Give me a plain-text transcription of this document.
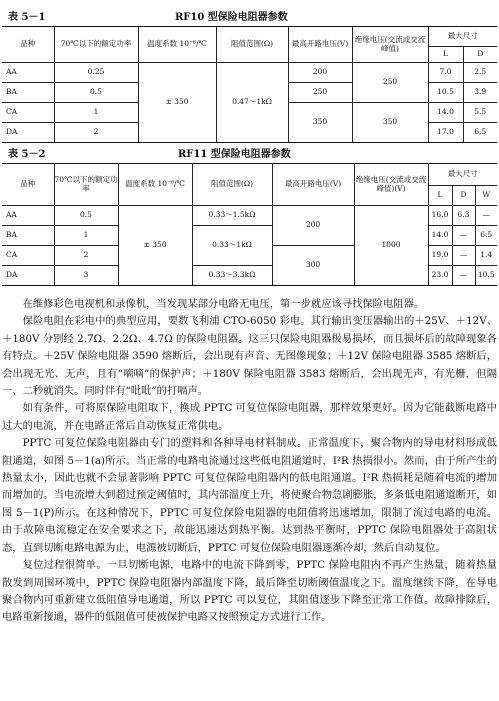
表 5－1	RF10 型保险电阻器参数
品种	70℃以下的额定功率	温度系数 10⁻⁶/℃	阻值范围(Ω)	最高开路电压(V)	绝缘电压(交流或交流峰值)	最大尺寸	
						L	D
AA	0.25	± 350	0.47～1kΩ	200	250	7.0	2.5
BA	0.5			250		10.5	3.9
CA	1			350	350	14.0	5.5
DA	2					17.0	6.5
表 5－2	RF11 型保险电阻器参数
品种	70℃以下的额定功率	温度系数 10⁻⁶/℃	阻值范围(Ω)	最高开路电压(V)	绝缘电压(交流或交流峰值)(V)	最大尺寸		
						L	D	W
AA	0.5	± 350	0.33～1.5kΩ	200	1000	16.0	6.3	—
BA	1		0.33～1kΩ			14.0	—	6.5
CA	2			300		19.0	—	1.4
DA	3		0.33～3.3kΩ			23.0	—	10.5

在维修彩色电视机和录像机，当发现某部分电路无电压，第一步就应该寻找保险电阻器。

保险电阻在彩电中的典型应用，要数飞利浦 CTO-6050 彩电。其行输出变压器输出的＋25V、＋12V、＋180V 分别经 2.7Ω、2.2Ω、4.7Ω 的保险电阻器。这三只保险电阻器极易损坏，而且损坏后的故障现象各有特点。＋25V 保险电阻器 3590 熔断后，会出现有声音、无图像现象；＋12V 保险电阻器 3585 熔断后，会出现无光、无声，且有“嘀嘀”的保护声；＋180V 保险电阻器 3583 熔断后，会出现无声，有光栅，但隔一、二秒就消失。同时伴有“吡吡”的打嗝声。

如有条件，可将原保险电阻取下，换成 PPTC 可复位保险电阻器，那样效果更好。因为它能截断电路中过大的电流，并在电路正常后自动恢复正常供电。

PPTC 可复位保险电阻器由专门的塑料和各种导电材料制成。正常温度下，聚合物内的导电材料形成低阻通道，如图 5－1(a)所示。当正常的电路电流通过这些低电阻通道时，I²R 热损很小。然而，由于所产生的热量太小，因此也就不会显著影响 PPTC 可复位保险电阻器内的低电阻通道。I²R 热损耗是随着电流的增加而增加的。当电流增大到超过预定阈值时，其内部温度上升，将使聚合物急剧膨胀，多条低电阻通道断开，如图 5－1(P)所示。在这种情况下，PPTC 可复位保险电阻器的电阻值将迅速增加，限制了流过电路的电流。由于故障电流稳定在安全要求之下，故能迅速达到热平衡。达到热平衡时，PPTC 保险电阻器处于高阻状态，直到切断电路电源为止，电源被切断后，PPTC 可复位保险电阻器逐渐冷却，然后自动复位。

复位过程很简单。一旦切断电源，电路中的电流下降到零，PPTC 保险电阻内不再产生热量，随着热量散发到周围环境中，PPTC 保险电阻器内部温度下降，最后降至切断阈值温度之下。温度继续下降，在导电聚合物内可重新建立低阻值导电通道，所以 PPTC 可以复位，其阻值逐步下降至正常工作值。故障排除后，电路重新接通，器件的低阻值可使被保护电路又按照预定方式进行工作。
